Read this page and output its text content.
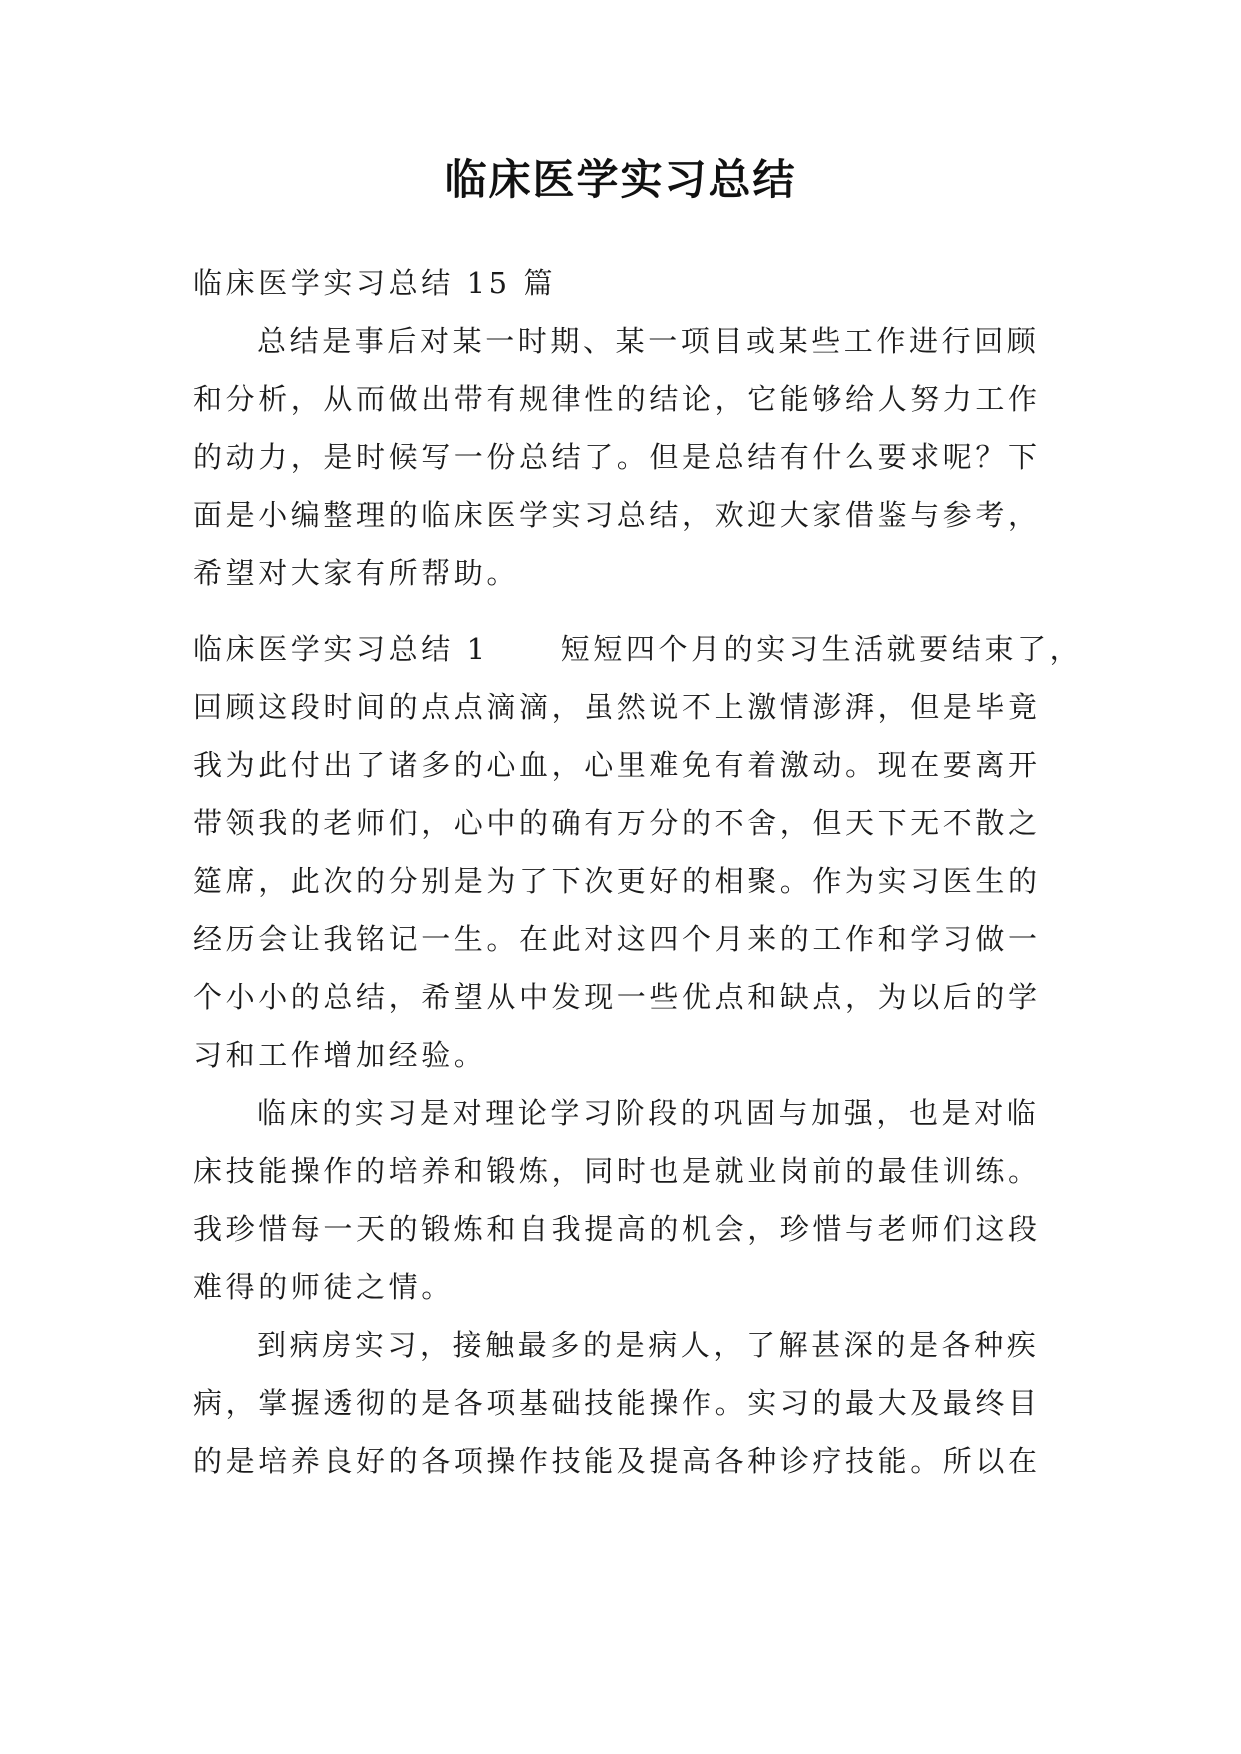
临床医学实习总结
临床医学实习总结 15 篇
总结是事后对某一时期、某一项目或某些工作进行回顾
和分析，从而做出带有规律性的结论，它能够给人努力工作
的动力，是时候写一份总结了。但是总结有什么要求呢？下
面是小编整理的临床医学实习总结，欢迎大家借鉴与参考，
希望对大家有所帮助。
临床医学实习总结 1 短短四个月的实习生活就要结束了，
回顾这段时间的点点滴滴，虽然说不上激情澎湃，但是毕竟
我为此付出了诸多的心血，心里难免有着激动。现在要离开
带领我的老师们，心中的确有万分的不舍，但天下无不散之
筵席，此次的分别是为了下次更好的相聚。作为实习医生的
经历会让我铭记一生。在此对这四个月来的工作和学习做一
个小小的总结，希望从中发现一些优点和缺点，为以后的学
习和工作增加经验。
临床的实习是对理论学习阶段的巩固与加强，也是对临
床技能操作的培养和锻炼，同时也是就业岗前的最佳训练。
我珍惜每一天的锻炼和自我提高的机会，珍惜与老师们这段
难得的师徒之情。
到病房实习，接触最多的是病人，了解甚深的是各种疾
病，掌握透彻的是各项基础技能操作。实习的最大及最终目
的是培养良好的各项操作技能及提高各种诊疗技能。所以在
